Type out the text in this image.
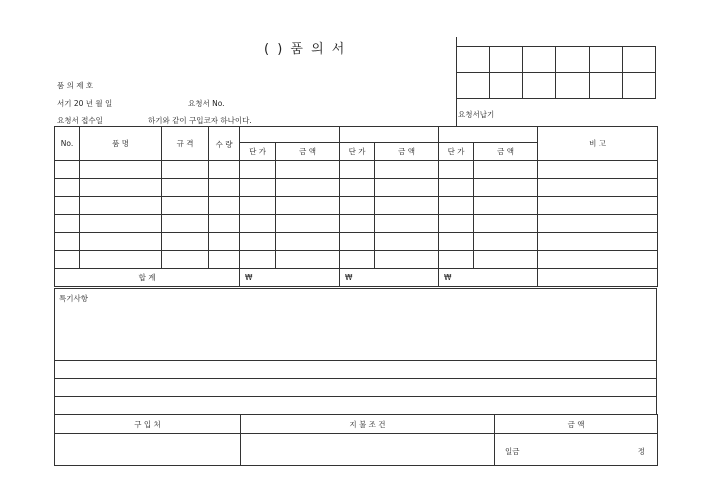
( ) 품 의 서

품 의 제 호
서기 20 년 월 일	요청서 No.
요청서 접수일	하기와 같이 구입코자 하나이다.
요청서납기
No.	품 명	규 격	수 량							비 고
				단 가	금 액	단 가	금 액	단 가	금 액	

합 계				₩		₩		₩		
특기사항

구 입 처	지 불 조 건	금 액

		일금 정
